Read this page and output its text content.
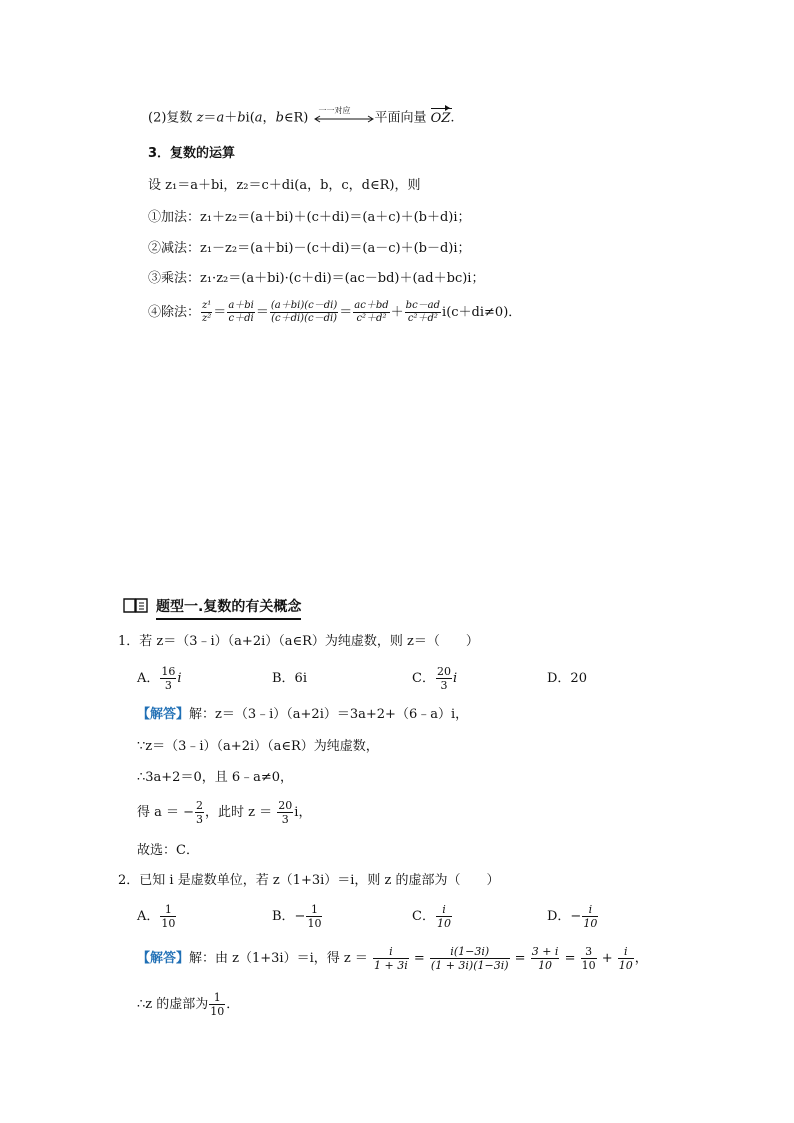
(2)复数 z＝a＋bi(a，b∈R) 一一对应 平面向量 OZ.
3．复数的运算
设 z₁＝a＋bi，z₂＝c＋di(a，b，c，d∈R)，则
①加法：z₁＋z₂＝(a＋bi)＋(c＋di)＝(a＋c)＋(b＋d)i；
②减法：z₁－z₂＝(a＋bi)－(c＋di)＝(a－c)＋(b－d)i；
③乘法：z₁·z₂＝(a＋bi)·(c＋di)＝(ac－bd)＋(ad＋bc)i；
④除法： $\frac{\text{z¹}}{\text{z²}} = \frac{a+bi}{c+di} = \frac{(a+bi)(c-di)}{(c+di)(c-di)} = \frac{ac+bd}{\text{c²＋d²}} + \frac{bc-ad}{\text{c²＋d²}} i(c+di\ne 0)$．
题型一.复数的有关概念
1．若 z＝（3﹣i）（a+2i）（a∈R）为纯虚数，则 z＝（　　）
A． $\frac{16}{3}$ i	B．6i	C． $\frac{20}{3}$ i	D．20
【解答】解：z＝（3﹣i）（a+2i）＝3a+2+（6﹣a）i，
∵z＝（3﹣i）（a+2i）（a∈R）为纯虚数，
∴3a+2＝0，且 6﹣a≠0，
得 a ＝ − $\frac{2}{3}$ ，此时 $z = \frac{20}{3}$ i，
故选：C．
2．已知 i 是虚数单位，若 z（1+3i）＝i，则 z 的虚部为（　　）
A． $\frac{1}{10}$	B．− $\frac{1}{10}$	C． $\frac{i}{10}$	D．− $\frac{i}{10}$
【解答】解：由 z（1+3i）＝i，得 $z = \frac{i}{1 + 3i} = \frac{i(1-3i)}{(1 + 3i)(1-3i)} = \frac{3 + i}{10} = \frac{3}{10} + \frac{i}{10}$ ，
∴z 的虚部为 $\frac{1}{10}$ ．
